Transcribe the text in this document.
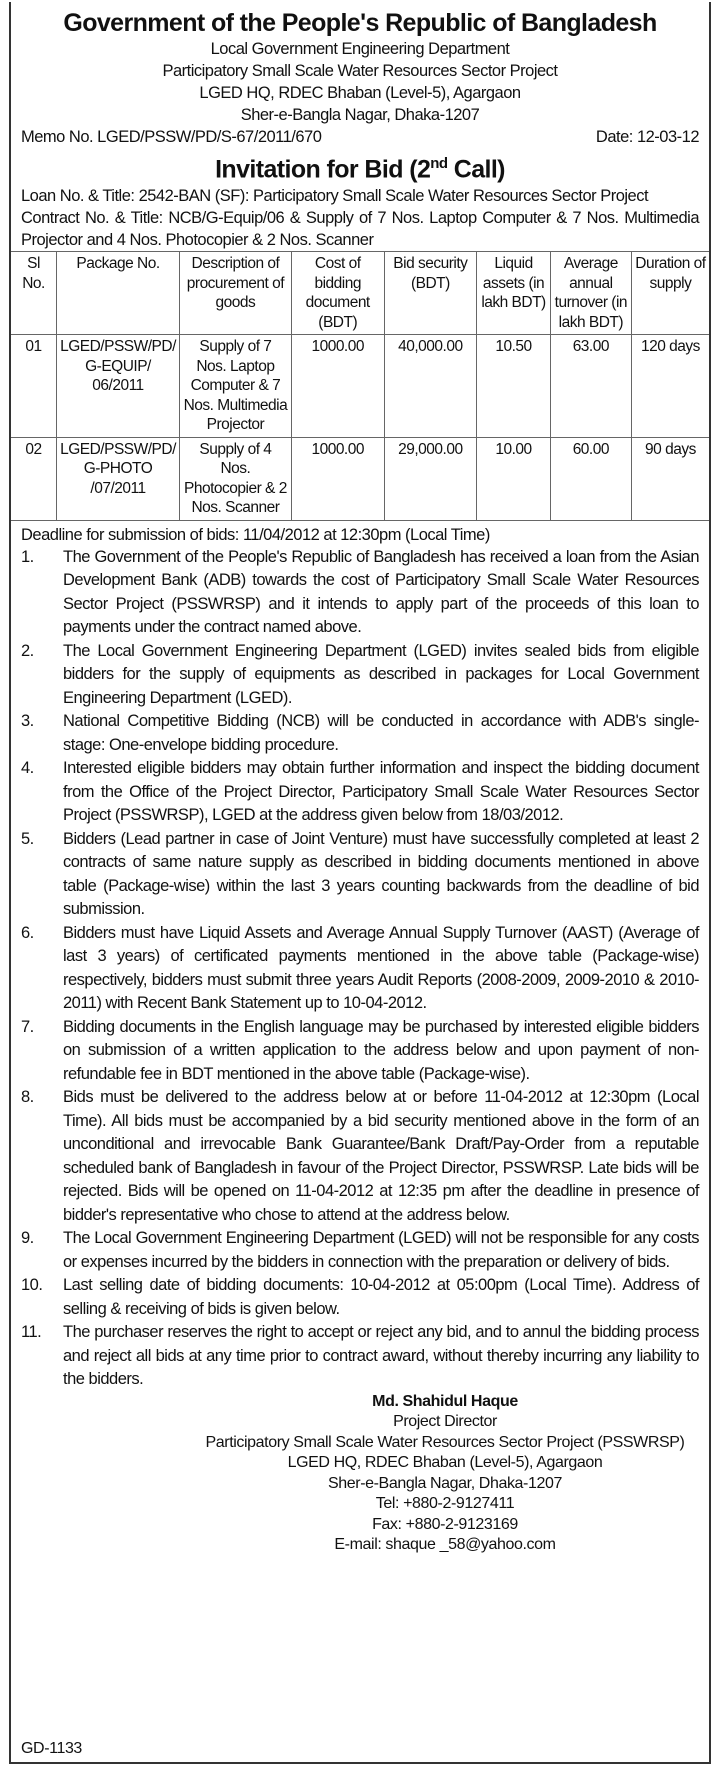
Government of the People's Republic of Bangladesh
Local Government Engineering Department
Participatory Small Scale Water Resources Sector Project
LGED HQ, RDEC Bhaban (Level-5), Agargaon
Sher-e-Bangla Nagar, Dhaka-1207
Memo No. LGED/PSSW/PD/S-67/2011/670	Date: 12-03-12
Invitation for Bid (2nd Call)
Loan No. & Title: 2542-BAN (SF): Participatory Small Scale Water Resources Sector Project
Contract No. & Title: NCB/G-Equip/06 & Supply of 7 Nos. Laptop Computer & 7 Nos. Multimedia Projector and 4 Nos. Photocopier & 2 Nos. Scanner
Sl No.	Package No.	Description of procurement of goods	Cost of bidding document (BDT)	Bid security (BDT)	Liquid assets (in lakh BDT)	Average annual turnover (in lakh BDT)	Duration of supply
01	LGED/PSSW/PD/ G-EQUIP/ 06/2011	Supply of 7 Nos. Laptop Computer & 7 Nos. Multimedia Projector	1000.00	40,000.00	10.50	63.00	120 days
02	LGED/PSSW/PD/ G-PHOTO /07/2011	Supply of 4 Nos. Photocopier & 2 Nos. Scanner	1000.00	29,000.00	10.00	60.00	90 days
Deadline for submission of bids: 11/04/2012 at 12:30pm (Local Time)
1.	The Government of the People's Republic of Bangladesh has received a loan from the Asian Development Bank (ADB) towards the cost of Participatory Small Scale Water Resources Sector Project (PSSWRSP) and it intends to apply part of the proceeds of this loan to payments under the contract named above.
2.	The Local Government Engineering Department (LGED) invites sealed bids from eligible bidders for the supply of equipments as described in packages for Local Government Engineering Department (LGED).
3.	National Competitive Bidding (NCB) will be conducted in accordance with ADB's single-stage: One-envelope bidding procedure.
4.	Interested eligible bidders may obtain further information and inspect the bidding document from the Office of the Project Director, Participatory Small Scale Water Resources Sector Project (PSSWRSP), LGED at the address given below from 18/03/2012.
5.	Bidders (Lead partner in case of Joint Venture) must have successfully completed at least 2 contracts of same nature supply as described in bidding documents mentioned in above table (Package-wise) within the last 3 years counting backwards from the deadline of bid submission.
6.	Bidders must have Liquid Assets and Average Annual Supply Turnover (AAST) (Average of last 3 years) of certificated payments mentioned in the above table (Package-wise) respectively, bidders must submit three years Audit Reports (2008-2009, 2009-2010 & 2010-2011) with Recent Bank Statement up to 10-04-2012.
7.	Bidding documents in the English language may be purchased by interested eligible bidders on submission of a written application to the address below and upon payment of non-refundable fee in BDT mentioned in the above table (Package-wise).
8.	Bids must be delivered to the address below at or before 11-04-2012 at 12:30pm (Local Time). All bids must be accompanied by a bid security mentioned above in the form of an unconditional and irrevocable Bank Guarantee/Bank Draft/Pay-Order from a reputable scheduled bank of Bangladesh in favour of the Project Director, PSSWRSP. Late bids will be rejected. Bids will be opened on 11-04-2012 at 12:35 pm after the deadline in presence of bidder's representative who chose to attend at the address below.
9.	The Local Government Engineering Department (LGED) will not be responsible for any costs or expenses incurred by the bidders in connection with the preparation or delivery of bids.
10.	Last selling date of bidding documents: 10-04-2012 at 05:00pm (Local Time). Address of selling & receiving of bids is given below.
11.	The purchaser reserves the right to accept or reject any bid, and to annul the bidding process and reject all bids at any time prior to contract award, without thereby incurring any liability to the bidders.
Md. Shahidul Haque
Project Director
Participatory Small Scale Water Resources Sector Project (PSSWRSP)
LGED HQ, RDEC Bhaban (Level-5), Agargaon
Sher-e-Bangla Nagar, Dhaka-1207
Tel: +880-2-9127411
Fax: +880-2-9123169
E-mail: shaque _58@yahoo.com
GD-1133
